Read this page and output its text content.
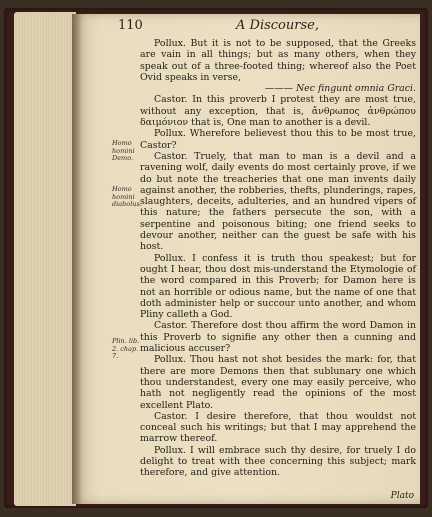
110	A Discourse,

Pollux. But it is not to be supposed, that the Greeks are vain in all things; but as many others, when they speak out of a three-footed thing; whereof also the Poet Ovid speaks in verse,

——— Nec fingunt omnia Graci.

Castor. In this proverb I protest they are most true, without any exception, that is, ἄνθρωπος ἀνθρώπου δαιμόνιον that is, One man to another is a devil.

Pollux. Wherefore believest thou this to be most true, Castor?

Castor. Truely, that man to man is a devil and a ravening wolf, daily events do most certainly prove, if we do but note the treacheries that one man invents daily against another, the robberies, thefts, plunderings, rapes, slaughters, deceits, adulteries, and an hundred vipers of this nature; the fathers persecute the son, with a serpentine and poisonous biting; one friend seeks to devour another, neither can the guest be safe with his host.

Pollux. I confess it is truth thou speakest; but for ought I hear, thou dost mis-understand the Etymologie of the word compared in this Proverb; for Damon here is not an horrible or odious name, but the name of one that doth administer help or succour unto another, and whom Pliny calleth a God.

Castor. Therefore dost thou affirm the word Damon in this Proverb to signifie any other then a cunning and malicious accuser?

Pollux. Thou hast not shot besides the mark: for, that there are more Demons then that sublunary one which thou understandest, every one may easily perceive, who hath not negligently read the opinions of the most excellent Plato.

Castor. I desire therefore, that thou wouldst not conceal such his writings; but that I may apprehend the marrow thereof.

Pollux. I will embrace such thy desire, for truely I do delight to treat with thee concerning this subject; mark therefore, and give attention.

Homo homini Demo.
Homo homini diabolus.
Plin. lib. 2. chap. 7.
Plato
